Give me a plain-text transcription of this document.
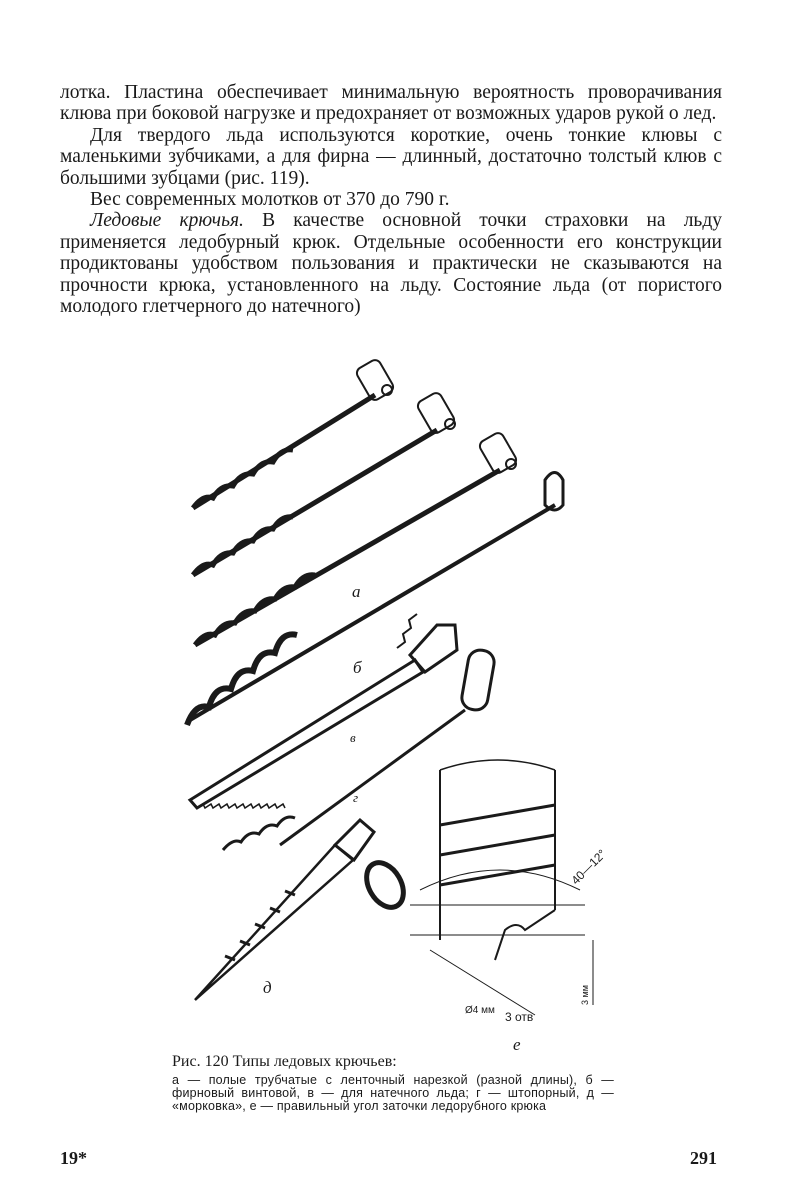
лотка. Пластина обеспечивает минимальную вероятность проворачивания клюва при боковой нагрузке и предохраняет от возможных ударов рукой о лед.

Для твердого льда используются короткие, очень тонкие клювы с маленькими зубчиками, а для фирна — длинный, достаточно толстый клюв с большими зубцами (рис. 119).

Вес современных молотков от 370 до 790 г.

Ледовые крючья. В качестве основной точки страховки на льду применяется ледобурный крюк. Отдельные особенности его конструкции продиктованы удобством пользования и практически не сказываются на прочности крюка, установленного на льду. Состояние льда (от пористого молодого глетчерного до натечного)

а
б
в
г
д
е
40—12°
3 отв
Ø4 мм
3 мм
Рис. 120 Типы ледовых крючьев:
а — полые трубчатые с ленточный нарезкой (разной длины), б — фирновый винтовой, в — для натечного льда; г — штопорный, д — «морковка», е — правильный угол заточки ледорубного крюка
19*	291
